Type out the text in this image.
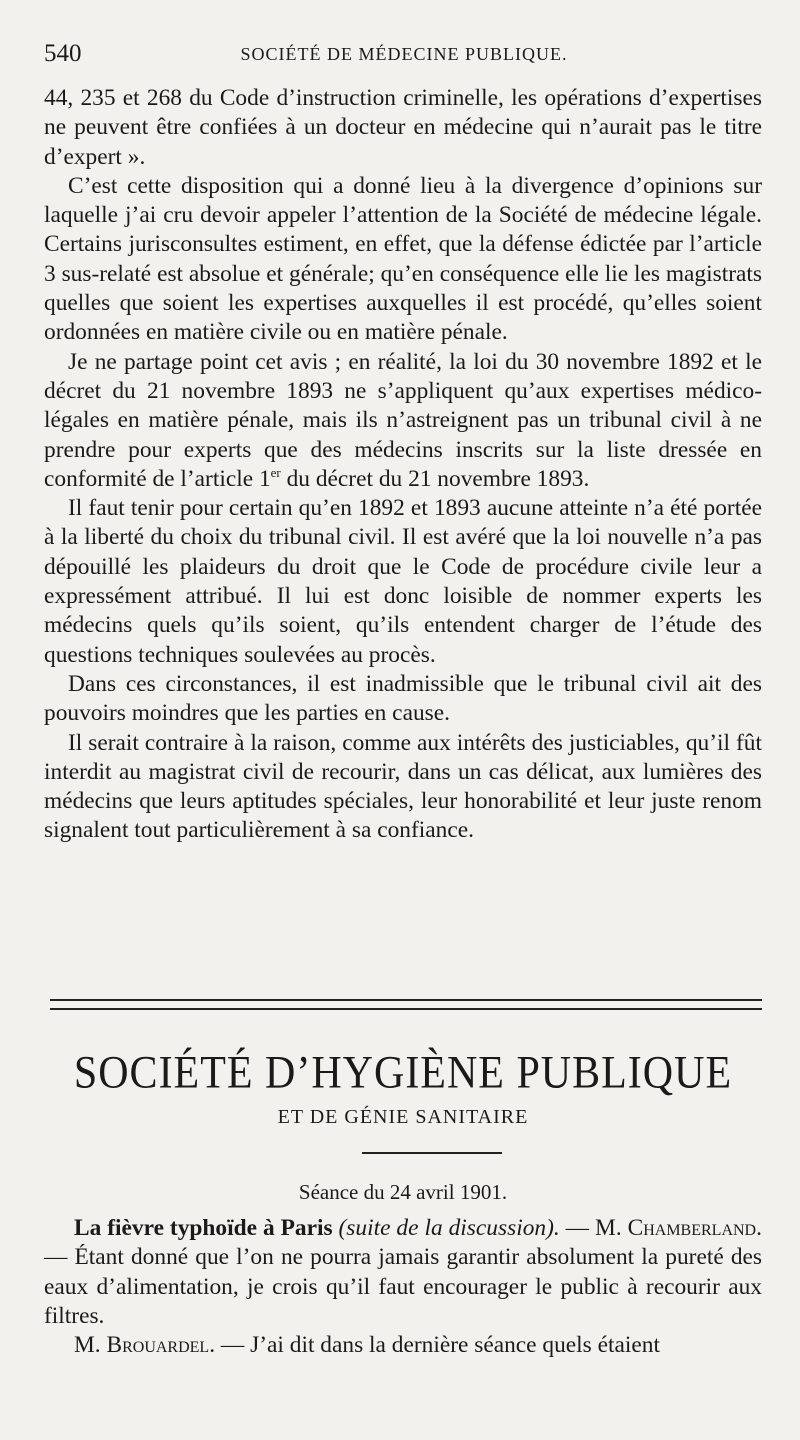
540	SOCIÉTÉ DE MÉDECINE PUBLIQUE.

44, 235 et 268 du Code d’instruction criminelle, les opérations d’expertises ne peuvent être confiées à un docteur en médecine qui n’aurait pas le titre d’expert ».

C’est cette disposition qui a donné lieu à la divergence d’opinions sur laquelle j’ai cru devoir appeler l’attention de la Société de médecine légale. Certains jurisconsultes estiment, en effet, que la défense édictée par l’article 3 sus-relaté est absolue et générale; qu’en conséquence elle lie les magistrats quelles que soient les expertises auxquelles il est procédé, qu’elles soient ordonnées en matière civile ou en matière pénale.

Je ne partage point cet avis ; en réalité, la loi du 30 novembre 1892 et le décret du 21 novembre 1893 ne s’appliquent qu’aux expertises médico-légales en matière pénale, mais ils n’astreignent pas un tribunal civil à ne prendre pour experts que des médecins inscrits sur la liste dressée en conformité de l’article 1er du décret du 21 novembre 1893.

Il faut tenir pour certain qu’en 1892 et 1893 aucune atteinte n’a été portée à la liberté du choix du tribunal civil. Il est avéré que la loi nouvelle n’a pas dépouillé les plaideurs du droit que le Code de procédure civile leur a expressément attribué. Il lui est donc loisible de nommer experts les médecins quels qu’ils soient, qu’ils entendent charger de l’étude des questions techniques soulevées au procès.

Dans ces circonstances, il est inadmissible que le tribunal civil ait des pouvoirs moindres que les parties en cause.

Il serait contraire à la raison, comme aux intérêts des justiciables, qu’il fût interdit au magistrat civil de recourir, dans un cas délicat, aux lumières des médecins que leurs aptitudes spéciales, leur honorabilité et leur juste renom signalent tout particulièrement à sa confiance.

SOCIÉTÉ D’HYGIÈNE PUBLIQUE
ET DE GÉNIE SANITAIRE
Séance du 24 avril 1901.

La fièvre typhoïde à Paris (suite de la discussion). — M. Chamberland. — Étant donné que l’on ne pourra jamais garantir absolument la pureté des eaux d’alimentation, je crois qu’il faut encourager le public à recourir aux filtres.

M. Brouardel. — J’ai dit dans la dernière séance quels étaient
